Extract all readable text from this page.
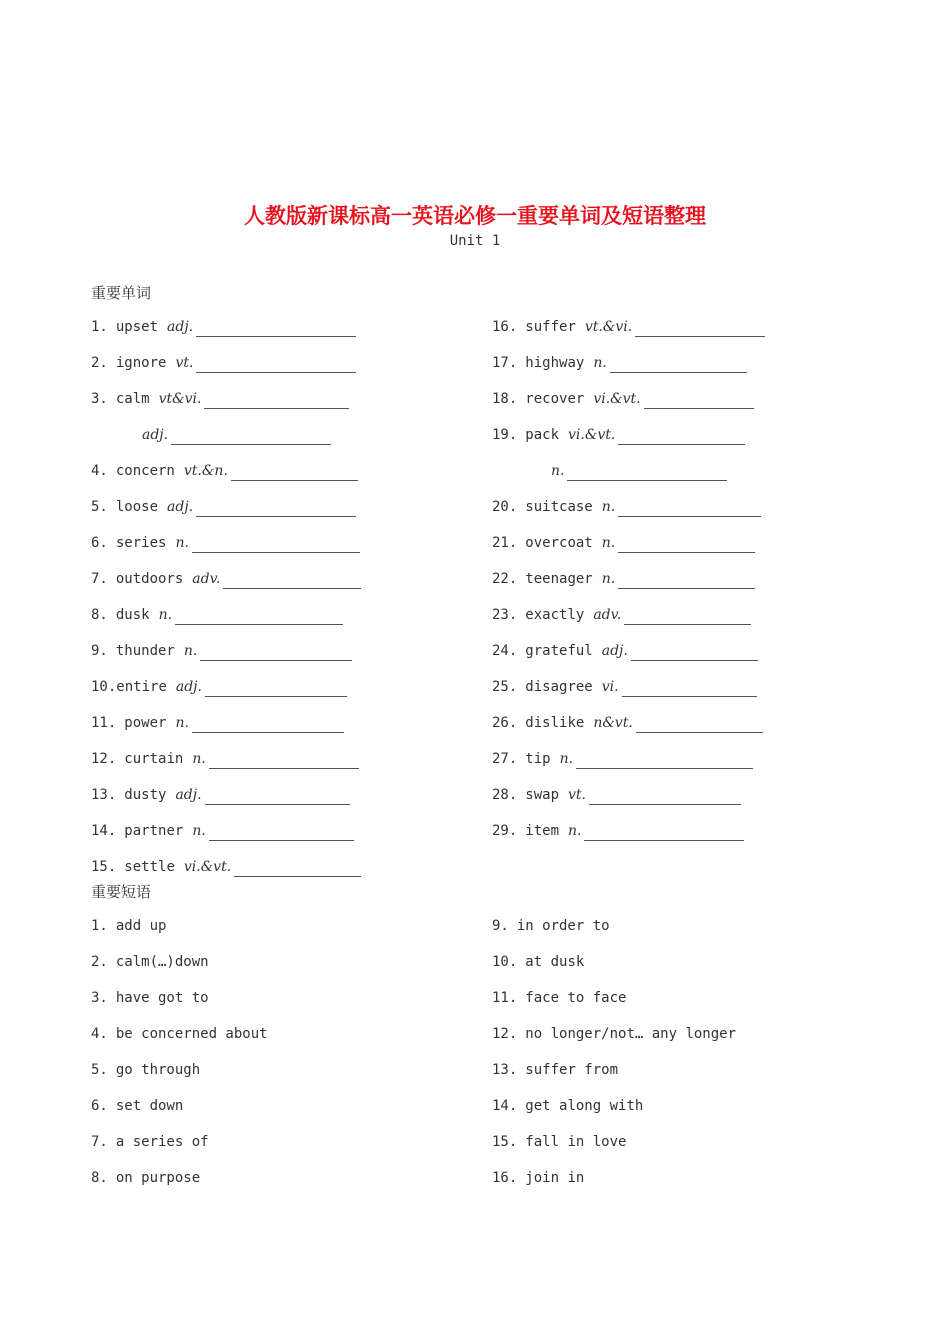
人教版新课标高一英语必修一重要单词及短语整理
Unit 1
重要单词
1. upset adj.
2. ignore vt.
3. calm vt&vi.
adj.
4. concern vt.&n.
5. loose adj.
6. series n.
7. outdoors adv.
8. dusk n.
9. thunder n.
10.entire adj.
11. power n.
12. curtain n.
13. dusty adj.
14. partner n.
15. settle vi.&vt.
16. suffer vt.&vi.
17. highway n.
18. recover vi.&vt.
19. pack vi.&vt.
n.
20. suitcase n.
21. overcoat n.
22. teenager n.
23. exactly adv.
24. grateful adj.
25. disagree vi.
26. dislike n&vt.
27. tip n.
28. swap vt.
29. item n.
重要短语
1. add up
2. calm(…)down
3. have got to
4. be concerned about
5. go through
6. set down
7. a series of
8. on purpose
9. in order to
10. at dusk
11. face to face
12. no longer/not… any longer
13. suffer from
14. get along with
15. fall in love
16. join in
